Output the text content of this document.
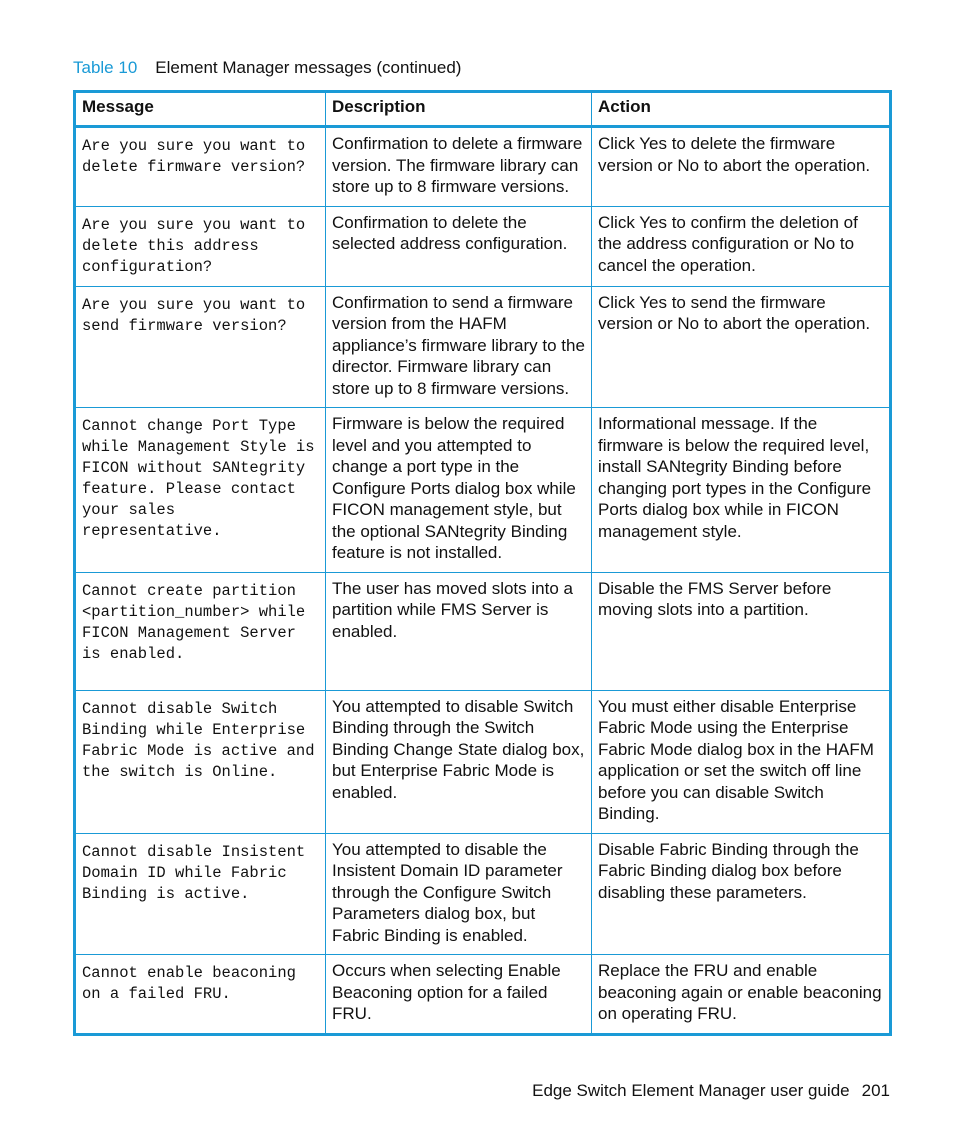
Table 10 Element Manager messages (continued)
Message	Description	Action
Are you sure you want to delete firmware version?	Confirmation to delete a firmware version. The firmware library can store up to 8 firmware versions.	Click Yes to delete the firmware version or No to abort the operation.
Are you sure you want to delete this address configuration?	Confirmation to delete the selected address configuration.	Click Yes to confirm the deletion of the address configuration or No to cancel the operation.
Are you sure you want to send firmware version?	Confirmation to send a firmware version from the HAFM appliance’s firmware library to the director. Firmware library can store up to 8 firmware versions.	Click Yes to send the firmware version or No to abort the operation.
Cannot change Port Type while Management Style is FICON without SANtegrity feature. Please contact your sales representative.	Firmware is below the required level and you attempted to change a port type in the Configure Ports dialog box while FICON management style, but the optional SANtegrity Binding feature is not installed.	Informational message. If the firmware is below the required level, install SANtegrity Binding before changing port types in the Configure Ports dialog box while in FICON management style.
Cannot create partition <partition_number> while FICON Management Server is enabled.	The user has moved slots into a partition while FMS Server is enabled.	Disable the FMS Server before moving slots into a partition.
Cannot disable Switch Binding while Enterprise Fabric Mode is active and the switch is Online.	You attempted to disable Switch Binding through the Switch Binding Change State dialog box, but Enterprise Fabric Mode is enabled.	You must either disable Enterprise Fabric Mode using the Enterprise Fabric Mode dialog box in the HAFM application or set the switch off line before you can disable Switch Binding.
Cannot disable Insistent Domain ID while Fabric Binding is active.	You attempted to disable the Insistent Domain ID parameter through the Configure Switch Parameters dialog box, but Fabric Binding is enabled.	Disable Fabric Binding through the Fabric Binding dialog box before disabling these parameters.
Cannot enable beaconing on a failed FRU.	Occurs when selecting Enable Beaconing option for a failed FRU.	Replace the FRU and enable beaconing again or enable beaconing on operating FRU.
Edge Switch Element Manager user guide 201
